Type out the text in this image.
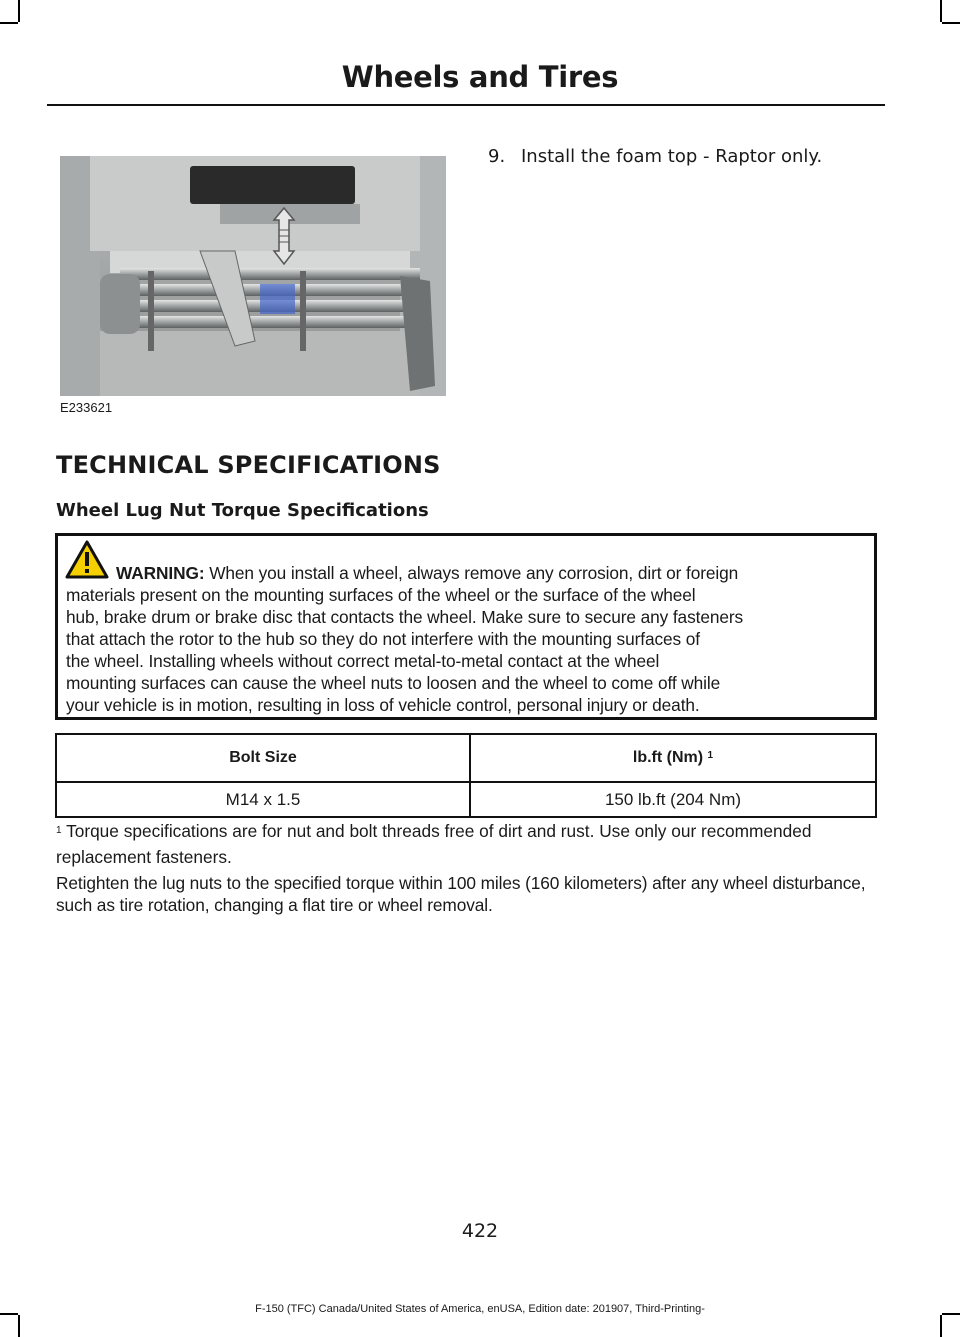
Wheels and Tires
E233621
9. Install the foam top - Raptor only.
TECHNICAL SPECIFICATIONS
Wheel Lug Nut Torque Specifications
WARNING: When you install a wheel, always remove any corrosion, dirt or foreign
materials present on the mounting surfaces of the wheel or the surface of the wheel
hub, brake drum or brake disc that contacts the wheel. Make sure to secure any fasteners
that attach the rotor to the hub so they do not interfere with the mounting surfaces of
the wheel. Installing wheels without correct metal-to-metal contact at the wheel
mounting surfaces can cause the wheel nuts to loosen and the wheel to come off while
your vehicle is in motion, resulting in loss of vehicle control, personal injury or death.
Bolt Size	lb.ft (Nm) $^1$
M14 x 1.5	150 lb.ft (204 Nm)
$^1$ Torque specifications are for nut and bolt threads free of dirt and rust. Use only our recommended replacement fasteners.
Retighten the lug nuts to the specified torque within 100 miles (160 kilometers) after any wheel disturbance, such as tire rotation, changing a flat tire or wheel removal.
422
F-150 (TFC) Canada/United States of America, enUSA, Edition date: 201907, Third-Printing-
